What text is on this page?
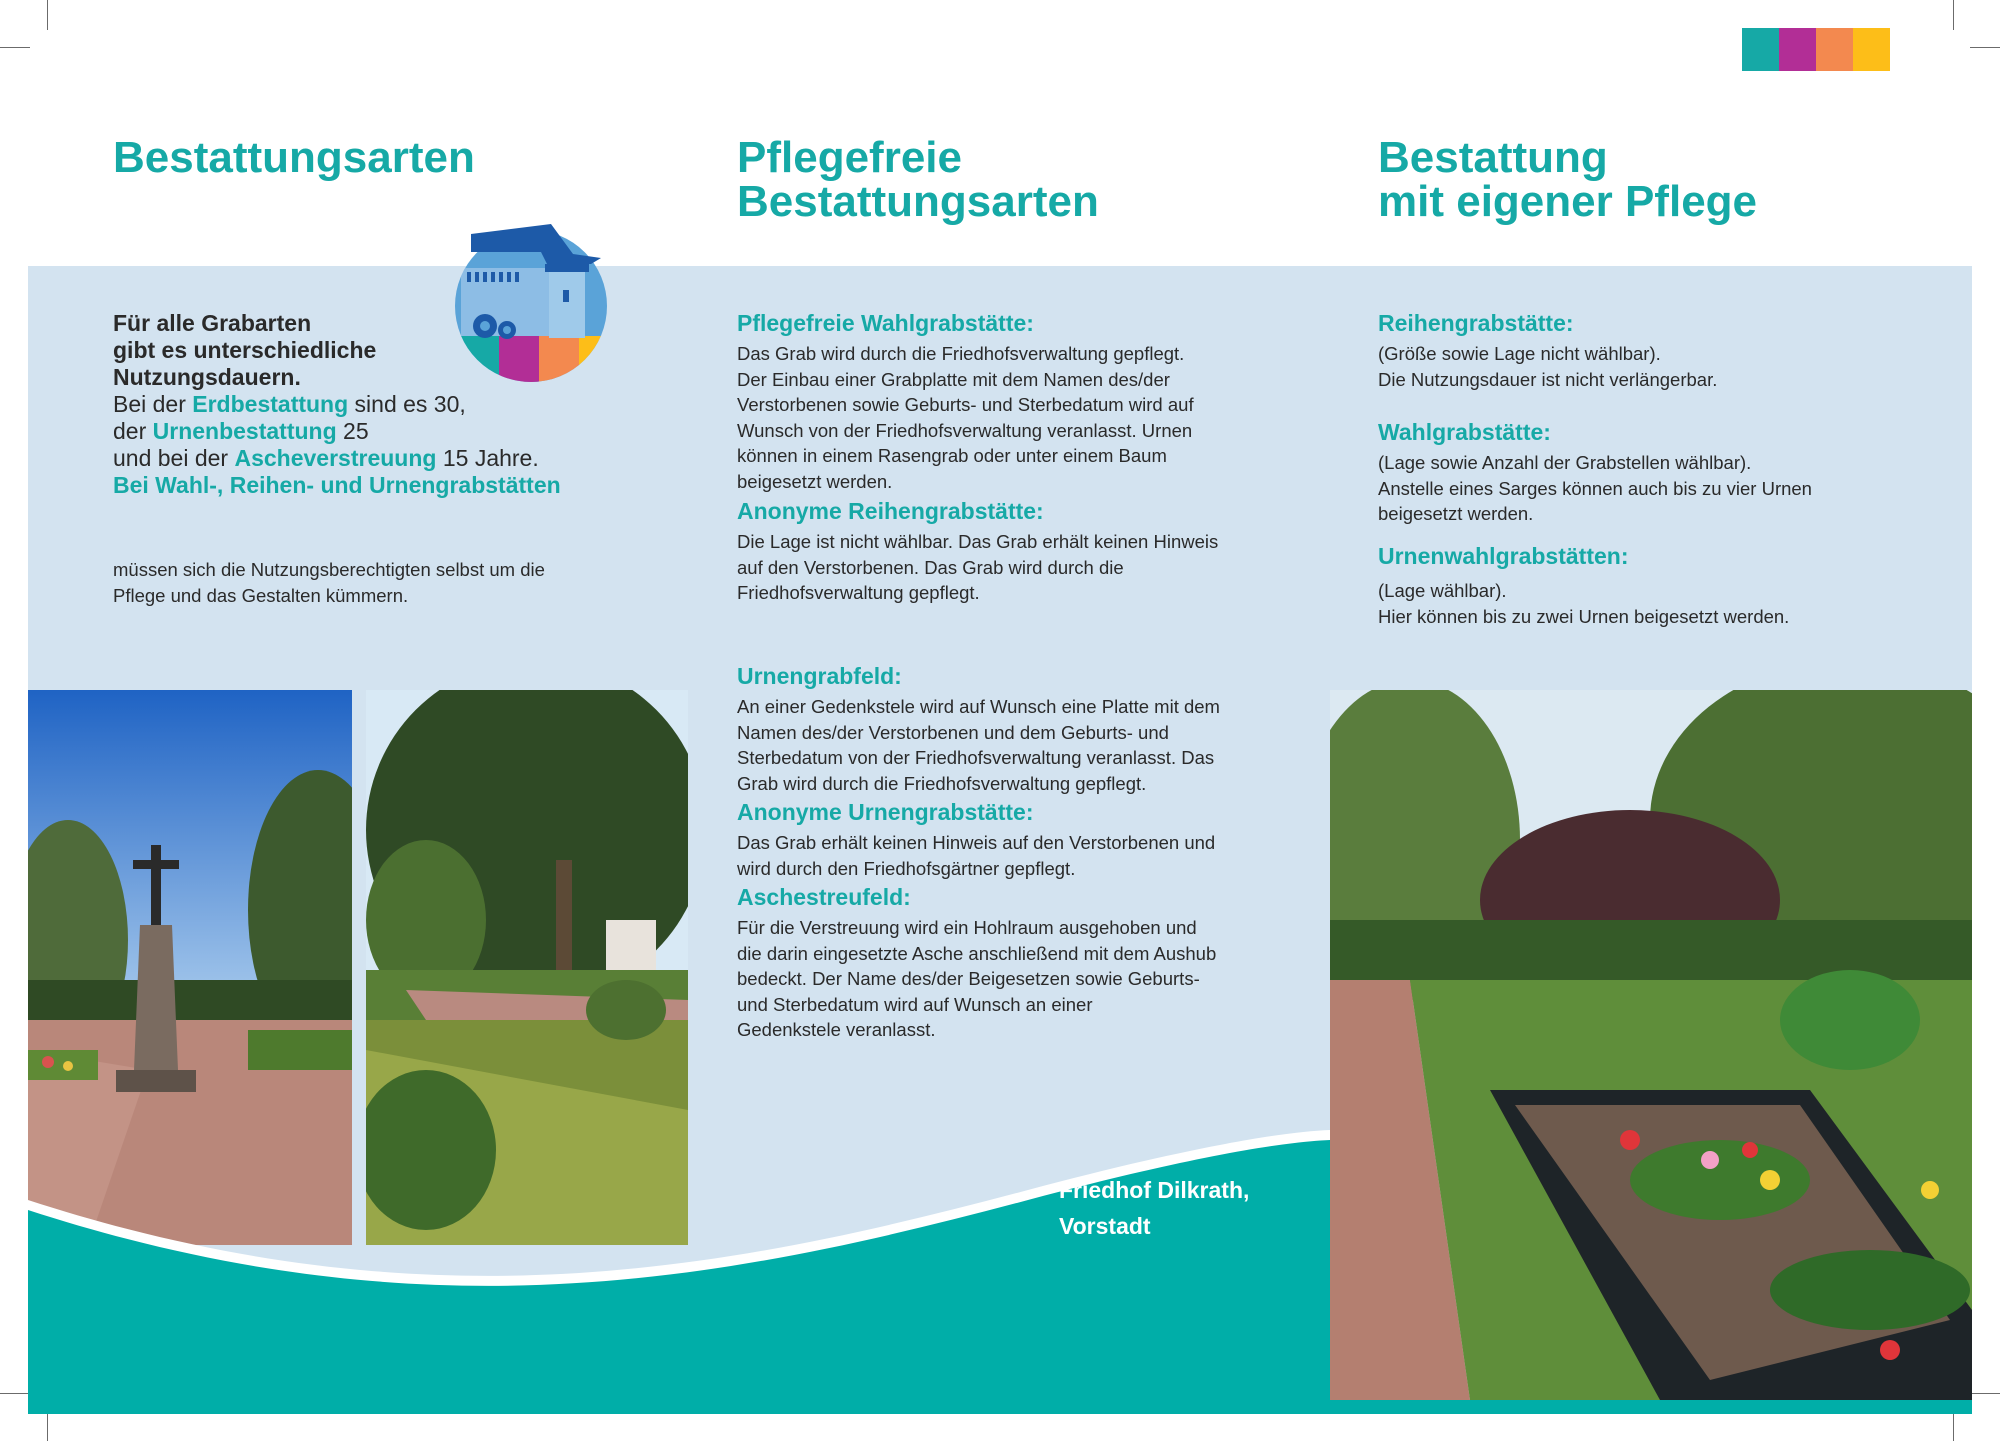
Bestattungsarten	Pflegefreie
Bestattungsarten
Bestattung
mit eigener Pflege
Für alle Grabarten
gibt es unterschiedliche
Nutzungsdauern.
Bei der Erdbestattung sind es 30,
der Urnenbestattung 25
und bei der Ascheverstreuung 15 Jahre.
Bei Wahl-, Reihen- und Urnengrabstätten
müssen sich die Nutzungsberechtigten selbst um die
Pflege und das Gestalten kümmern.
Pflegefreie Wahlgrabstätte:
Das Grab wird durch die Friedhofsverwaltung gepflegt.
Der Einbau einer Grabplatte mit dem Namen des/der
Verstorbenen sowie Geburts- und Sterbedatum wird auf
Wunsch von der Friedhofsverwaltung veranlasst. Urnen
können in einem Rasengrab oder unter einem Baum
beigesetzt werden.
Anonyme Reihengrabstätte:
Die Lage ist nicht wählbar. Das Grab erhält keinen Hinweis
auf den Verstorbenen. Das Grab wird durch die
Friedhofsverwaltung gepflegt.
Urnengrabfeld:
An einer Gedenkstele wird auf Wunsch eine Platte mit dem
Namen des/der Verstorbenen und dem Geburts- und
Sterbedatum von der Friedhofsverwaltung veranlasst. Das
Grab wird durch die Friedhofsverwaltung gepflegt.
Anonyme Urnengrabstätte:
Das Grab erhält keinen Hinweis auf den Verstorbenen und
wird durch den Friedhofsgärtner gepflegt.
Aschestreufeld:
Für die Verstreuung wird ein Hohlraum ausgehoben und
die darin eingesetzte Asche anschließend mit dem Aushub
bedeckt. Der Name des/der Beigesetzen sowie Geburts-
und Sterbedatum wird auf Wunsch an einer
Gedenkstele veranlasst.
Friedhof Dilkrath,
Vorstadt
Reihengrabstätte:
(Größe sowie Lage nicht wählbar).
Die Nutzungsdauer ist nicht verlängerbar.
Wahlgrabstätte:
(Lage sowie Anzahl der Grabstellen wählbar).
Anstelle eines Sarges können auch bis zu vier Urnen
beigesetzt werden.
Urnenwahlgrabstätten:
(Lage wählbar).
Hier können bis zu zwei Urnen beigesetzt werden.
